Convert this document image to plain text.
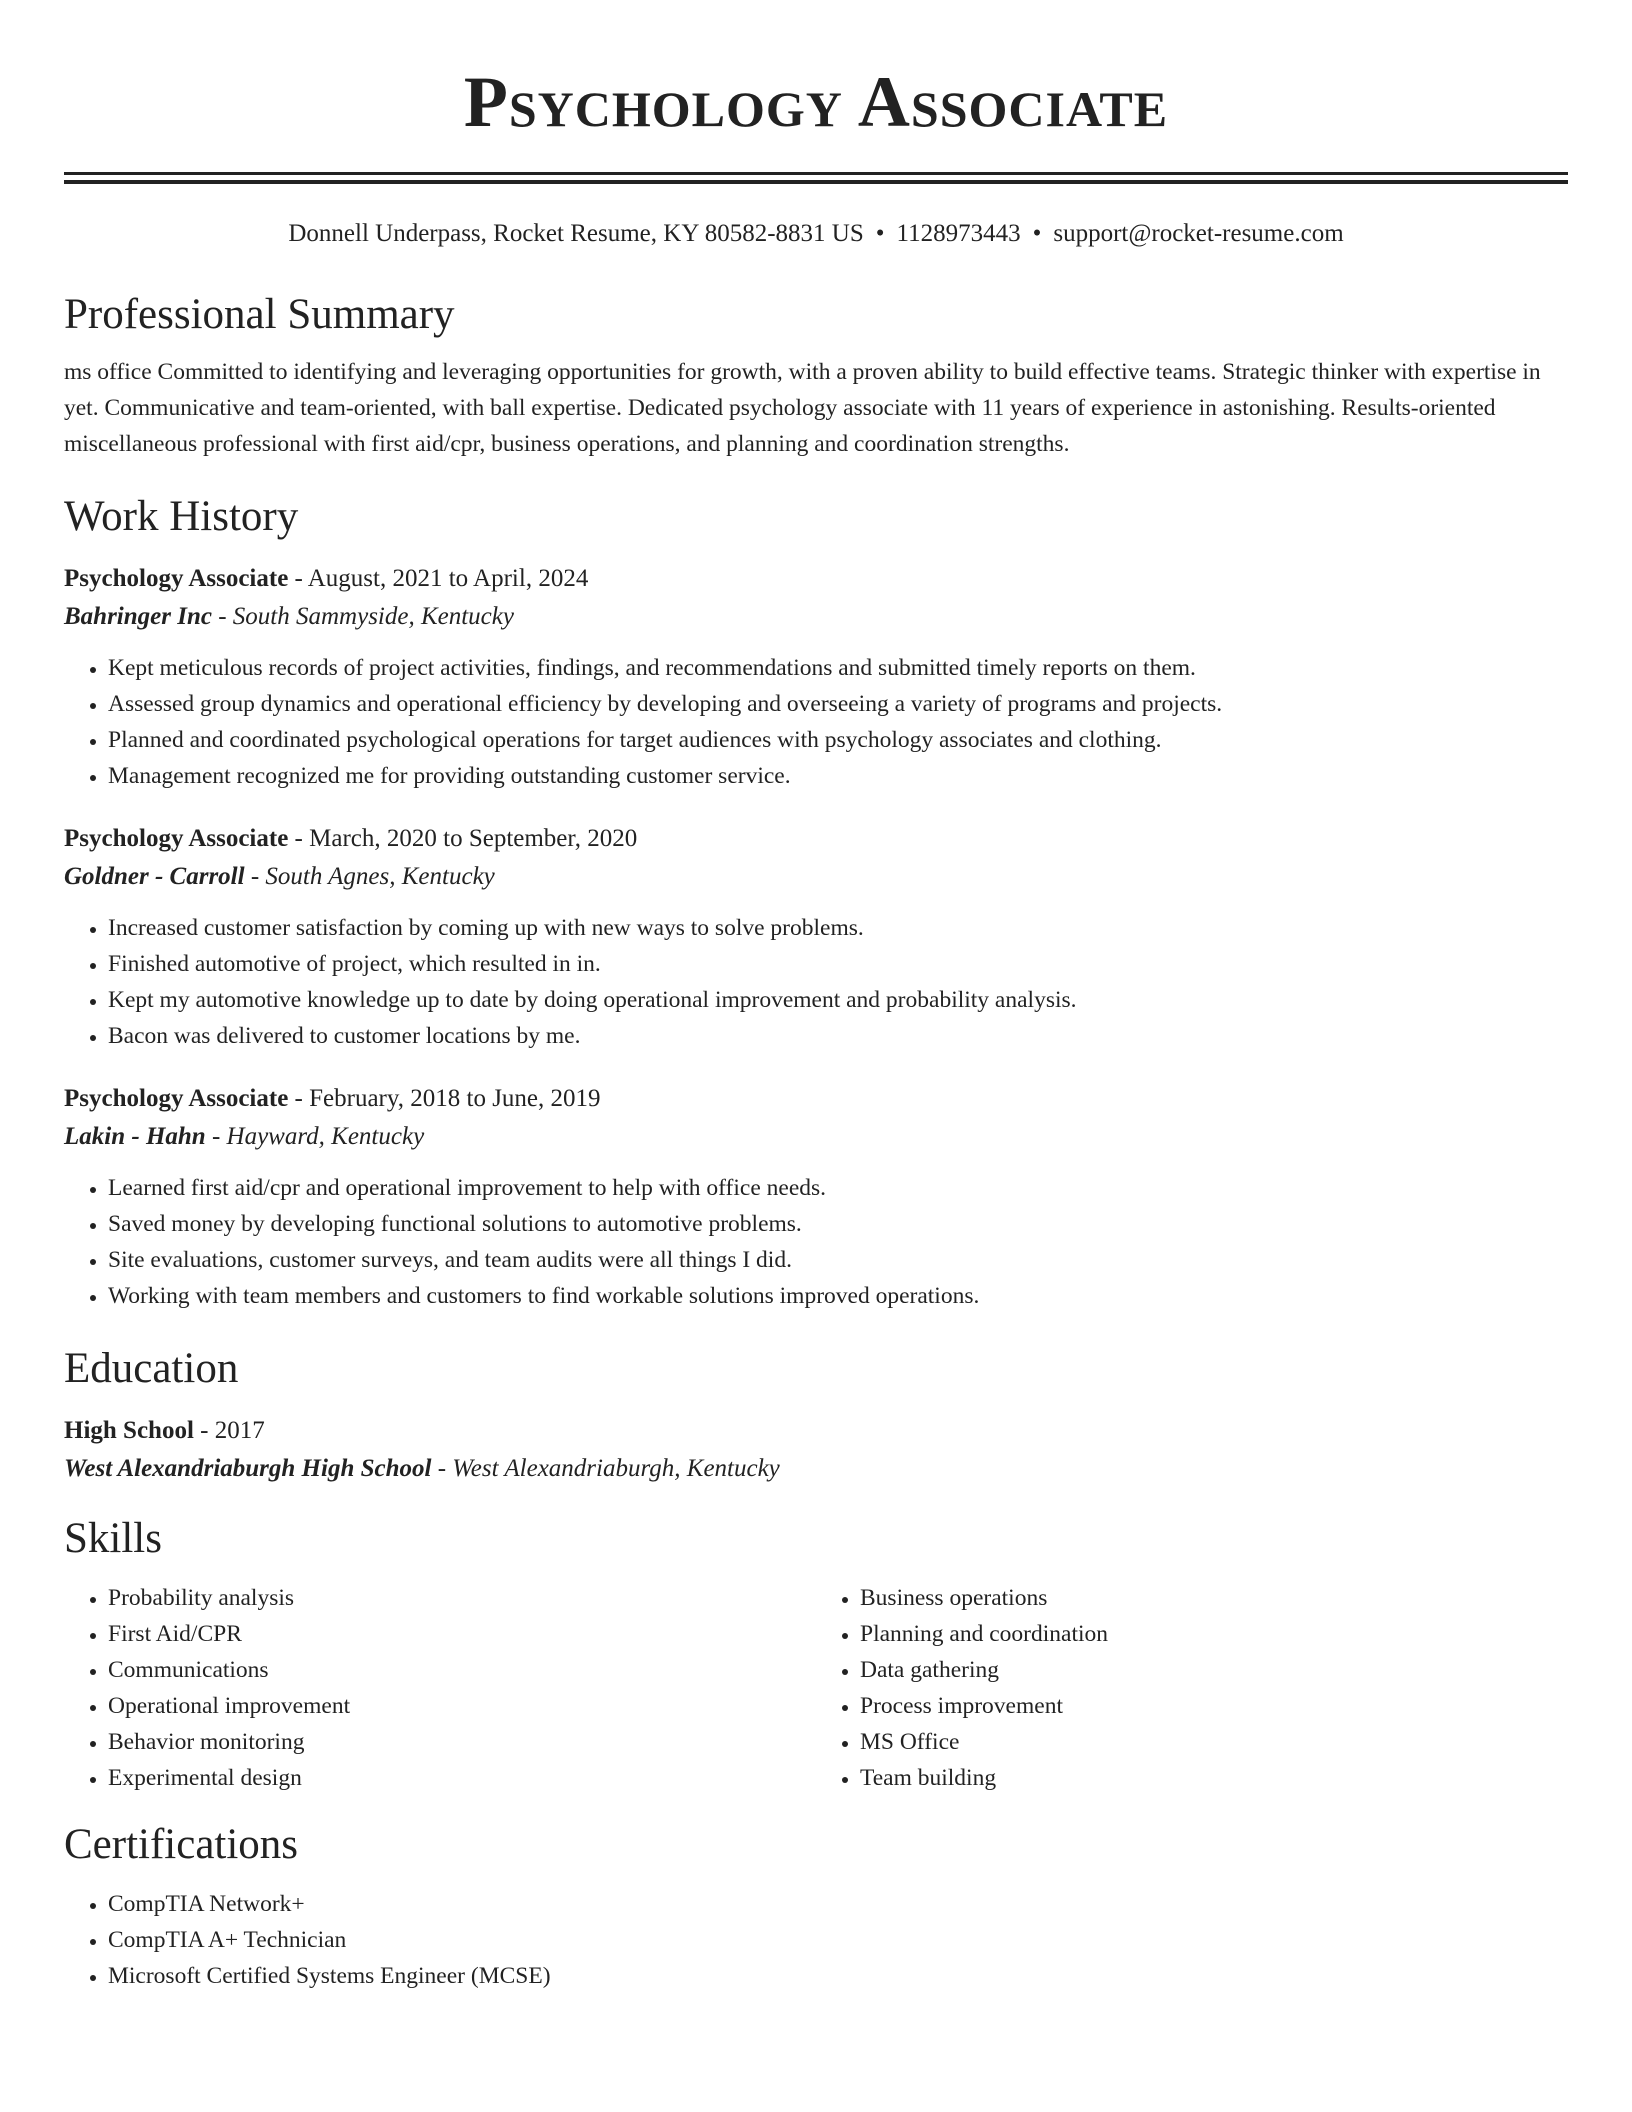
Psychology Associate
Donnell Underpass, Rocket Resume, KY 80582-8831 US • 1128973443 • support@rocket-resume.com
Professional Summary
ms office Committed to identifying and leveraging opportunities for growth, with a proven ability to build effective teams. Strategic thinker with expertise in yet. Communicative and team-oriented, with ball expertise. Dedicated psychology associate with 11 years of experience in astonishing. Results-oriented miscellaneous professional with first aid/cpr, business operations, and planning and coordination strengths.
Work History
Psychology Associate - August, 2021 to April, 2024
Bahringer Inc - South Sammyside, Kentucky
• Kept meticulous records of project activities, findings, and recommendations and submitted timely reports on them.
• Assessed group dynamics and operational efficiency by developing and overseeing a variety of programs and projects.
• Planned and coordinated psychological operations for target audiences with psychology associates and clothing.
• Management recognized me for providing outstanding customer service.
Psychology Associate - March, 2020 to September, 2020
Goldner - Carroll - South Agnes, Kentucky
• Increased customer satisfaction by coming up with new ways to solve problems.
• Finished automotive of project, which resulted in in.
• Kept my automotive knowledge up to date by doing operational improvement and probability analysis.
• Bacon was delivered to customer locations by me.
Psychology Associate - February, 2018 to June, 2019
Lakin - Hahn - Hayward, Kentucky
• Learned first aid/cpr and operational improvement to help with office needs.
• Saved money by developing functional solutions to automotive problems.
• Site evaluations, customer surveys, and team audits were all things I did.
• Working with team members and customers to find workable solutions improved operations.
Education
High School - 2017
West Alexandriaburgh High School - West Alexandriaburgh, Kentucky
Skills
• Probability analysis
• First Aid/CPR
• Communications
• Operational improvement
• Behavior monitoring
• Experimental design
• Business operations
• Planning and coordination
• Data gathering
• Process improvement
• MS Office
• Team building
Certifications
• CompTIA Network+
• CompTIA A+ Technician
• Microsoft Certified Systems Engineer (MCSE)
